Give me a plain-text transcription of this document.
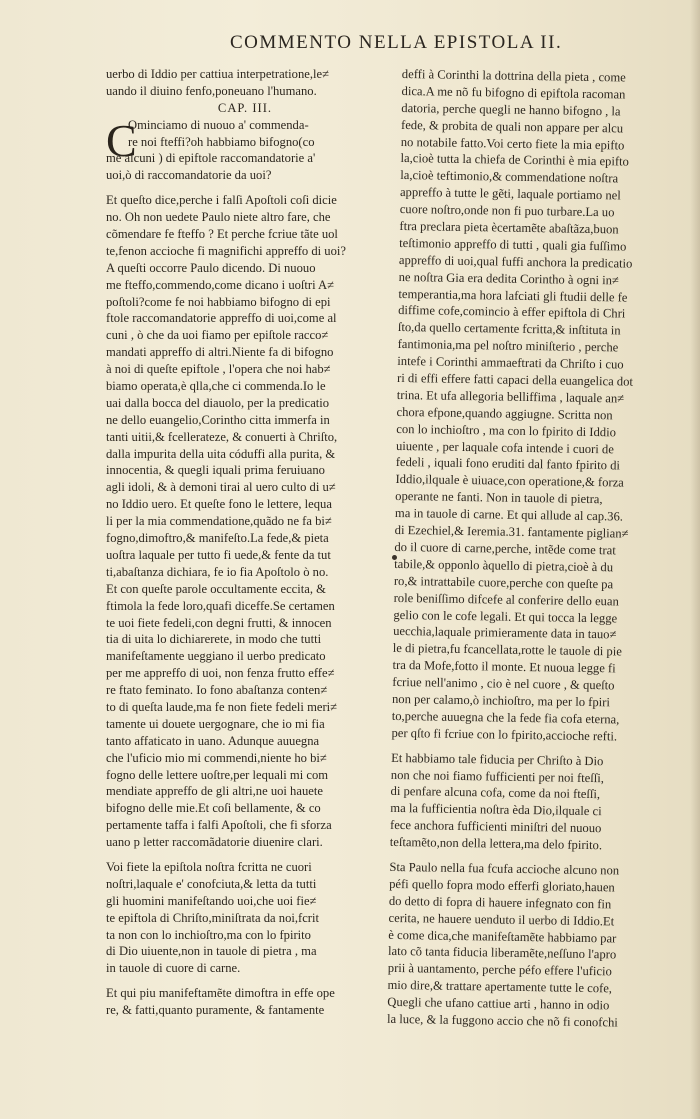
COMMENTO NELLA EPISTOLA II.
uerbo di Iddio per cattiua interpetratione,le≠
uando il diuino fenfo,poneuano l'humano.
CAP. III.
C
Ominciamo di nuouo a' commenda-
re noi fteffi?oh habbiamo bifogno(co
me alcuni ) di epiftole raccomandatorie a'
uoi,ò di raccomandatorie da uoi?
Et queſto dice,perche i falſi Apoſtoli coſi dicie
no. Oh non uedete Paulo niete altro fare, che
cõmendare fe fteffo ? Et perche fcriue tãte uol
te,fenon accioche fi magnifichi appreffo di uoi?
A queſti occorre Paulo dicendo. Di nuouo
me fteffo,commendo,come dicano i uoſtri A≠
poſtoli?come fe noi habbiamo bifogno di epi
ftole raccomandatorie appreffo di uoi,come al
cuni , ò che da uoi fiamo per epiſtole racco≠
mandati appreffo di altri.Niente fa di bifogno
à noi di queſte epiftole , l'opera che noi hab≠
biamo operata,è qlla,che ci commenda.Io le
uai dalla bocca del diauolo, per la predicatio
ne dello euangelio,Corintho citta immerfa in
tanti uitii,& fcellerateze, & conuerti à Chriſto,
dalla impurita della uita códuffi alla purita, &
innocentia, & quegli iquali prima feruiuano
agli idoli, & à demoni tirai al uero culto di u≠
no Iddio uero. Et queſte fono le lettere, lequa
li per la mia commendatione,quãdo ne fa bi≠
fogno,dimoftro,& manifeſto.La fede,& pieta
uoſtra laquale per tutto fi uede,& fente da tut
ti,abaſtanza dichiara, fe io fia Apoſtolo ò no.
Et con queſte parole occultamente eccita, &
ftimola la fede loro,quafi diceffe.Se certamen
te uoi fiete fedeli,con degni frutti, & innocen
tia di uita lo dichiarerete, in modo che tutti
manifeſtamente ueggiano il uerbo predicato
per me appreffo di uoi, non fenza frutto effe≠
re ftato feminato. Io fono abaſtanza conten≠
to di queſta laude,ma fe non fiete fedeli meri≠
tamente ui douete uergognare, che io mi fia
tanto affaticato in uano. Adunque auuegna
che l'uficio mio mi commendi,niente ho bi≠
fogno delle lettere uoſtre,per lequali mi com
mendiate appreffo de gli altri,ne uoi hauete
bifogno delle mie.Et coſi bellamente, & co
pertamente taffa i falfi Apoſtoli, che fi sforza
uano p letter raccomãdatorie diuenire clari.
Voi fiete la epiſtola noſtra fcritta ne cuori
noſtri,laquale e' conofciuta,& letta da tutti
gli huomini manifeſtando uoi,che uoi fie≠
te epiftola di Chriſto,miniſtrata da noi,fcrit
ta non con lo inchioſtro,ma con lo fpirito
di Dio uiuente,non in tauole di pietra , ma
in tauole di cuore di carne.
Et qui piu manifeftamẽte dimoftra in effe ope
re, & fatti,quanto puramente, & fantamente
deffi à Corinthi la dottrina della pieta , come
dica.A me nõ fu bifogno di epiftola racoman
datoria, perche quegli ne hanno bifogno , la
fede, & probita de quali non appare per alcu
no notabile fatto.Voi certo fiete la mia epifto
la,cioè tutta la chiefa de Corinthi è mia epifto
la,cioè teftimonio,& commendatione noſtra
appreffo à tutte le gẽti, laquale portiamo nel
cuore noſtro,onde non fi puo turbare.La uo
ftra preclara pieta ècertamẽte abaſtãza,buon
teſtimonio appreffo di tutti , quali gia fuſſimo
appreffo di uoi,qual fuffi anchora la predicatio
ne noſtra Gia era dedita Corintho à ogni in≠
temperantia,ma hora lafciati gli ftudii delle fe
diffime cofe,comincio à effer epiftola di Chri
ſto,da quello certamente fcritta,& inſtituta in
fantimonia,ma pel noſtro miniſterio , perche
intefe i Corinthi ammaeftrati da Chriſto i cuo
ri di effi effere fatti capaci della euangelica dot
trina. Et ufa allegoria belliffima , laquale an≠
chora efpone,quando aggiugne. Scritta non
con lo inchioſtro , ma con lo fpirito di Iddio
uiuente , per laquale cofa intende i cuori de
fedeli , iquali fono eruditi dal fanto fpirito di
Iddio,ilquale è uiuace,con operatione,& forza
operante ne fanti. Non in tauole di pietra,
ma in tauole di carne. Et qui allude al cap.36.
di Ezechiel,& Ieremia.31. fantamente piglian≠
do il cuore di carne,perche, intẽde come trat
tabile,& opponlo àquello di pietra,cioè à du
ro,& intrattabile cuore,perche con queſte pa
role beniſſimo difcefe al conferire dello euan
gelio con le cofe legali. Et qui tocca la legge
uecchia,laquale primieramente data in tauo≠
le di pietra,fu fcancellata,rotte le tauole di pie
tra da Mofe,fotto il monte. Et nuoua legge fi
fcriue nell'animo , cio è nel cuore , & queſto
non per calamo,ò inchioſtro, ma per lo fpiri
to,perche auuegna che la fede fia cofa eterna,
per qſto fi fcriue con lo fpirito,accioche refti.
Et habbiamo tale fiducia per Chriſto à Dio
non che noi fiamo fufficienti per noi fteſſi,
di penfare alcuna cofa, come da noi fteſſi,
ma la fufficientia noſtra èda Dio,ilquale ci
fece anchora fufficienti miniſtri del nuouo
teſtamẽto,non della lettera,ma delo fpirito.
Sta Paulo nella fua fcufa accioche alcuno non
péfi quello fopra modo efferfi gloriato,hauen
do detto di fopra di hauere infegnato con fin
cerita, ne hauere uenduto il uerbo di Iddio.Et
è come dica,che manifeſtamẽte habbiamo par
lato cõ tanta fiducia liberamẽte,neſſuno l'apro
prii à uantamento, perche péfo effere l'uficio
mio dire,& trattare apertamente tutte le cofe,
Quegli che ufano cattiue arti , hanno in odio
la luce, & la fuggono accio che nõ fi conofchi
